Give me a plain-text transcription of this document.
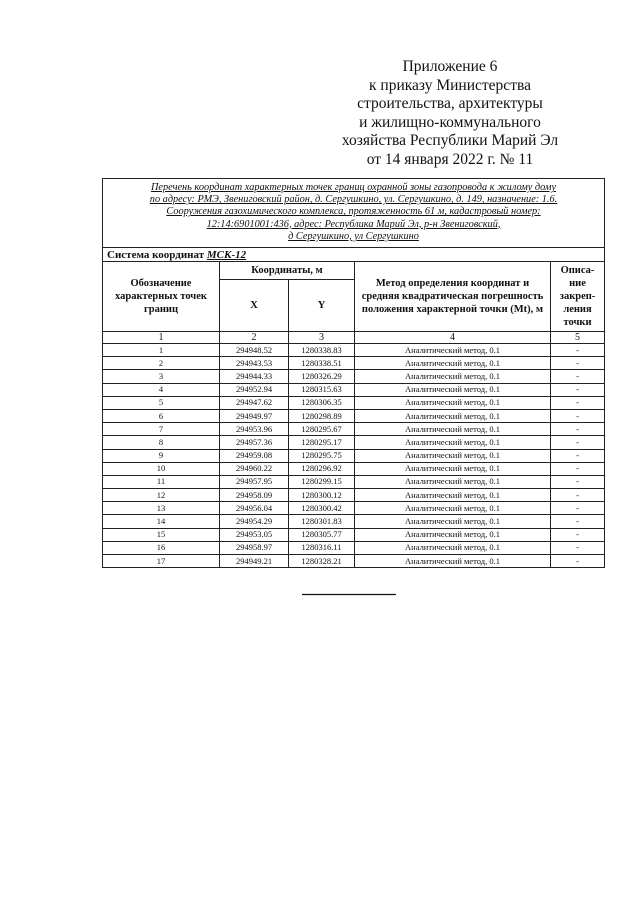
Приложение 6
к приказу Министерства
строительства, архитектуры
и жилищно-коммунального
хозяйства Республики Марий Эл
от 14 января 2022 г. № 11
Перечень координат характерных точек границ охранной зоны газопровода к жилому дому
по адресу: РМЭ, Звениговский район, д. Сергушкино, ул. Сергушкино, д. 149, назначение: 1.6.
Сооружения газохимического комплекса, протяженность 61 м, кадастровый номер:
12:14:6901001:436, адрес: Республика Марий Эл, р-н Звениговский,
д Сергушкино, ул Сергушкино				

Система координат МСК-12				
Обозначение характерных точек границ	Координаты, м		Метод определения координат и средняя квадратическая погрешность положения характерной точки (Mt), м	Описа-
ние
закреп-
ления
точки

	X	Y		
1	2	3	4	5
1	294948.52	1280338.83	Аналитический метод, 0.1	-
2	294943.53	1280338.51	Аналитический метод, 0.1	-
3	294944.33	1280326.29	Аналитический метод, 0.1	-
4	294952.94	1280315.63	Аналитический метод, 0.1	-
5	294947.62	1280306.35	Аналитический метод, 0.1	-
6	294949.97	1280298.89	Аналитический метод, 0.1	-
7	294953.96	1280295.67	Аналитический метод, 0.1	-
8	294957.36	1280295.17	Аналитический метод, 0.1	-
9	294959.08	1280295.75	Аналитический метод, 0.1	-
10	294960.22	1280296.92	Аналитический метод, 0.1	-
11	294957.95	1280299.15	Аналитический метод, 0.1	-
12	294958.09	1280300.12	Аналитический метод, 0.1	-
13	294956.04	1280300.42	Аналитический метод, 0.1	-
14	294954.29	1280301.83	Аналитический метод, 0.1	-
15	294953.05	1280305.77	Аналитический метод, 0.1	-
16	294958.97	1280316.11	Аналитический метод, 0.1	-
17	294949.21	1280328.21	Аналитический метод, 0.1	-
